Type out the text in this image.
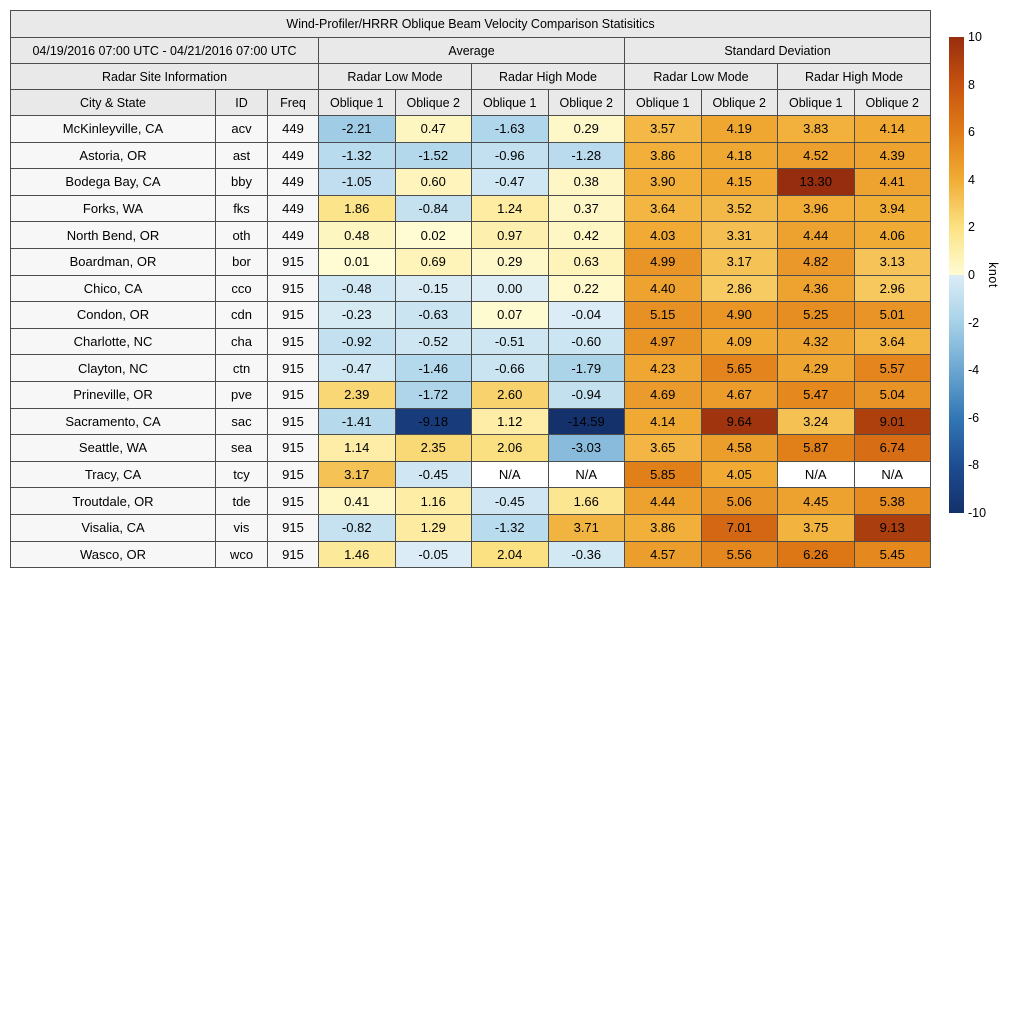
Wind-Profiler/HRRR Oblique Beam Velocity Comparison Statisitics										
04/19/2016 07:00 UTC - 04/21/2016 07:00 UTC			Average				Standard Deviation			
Radar Site Information			Radar Low Mode		Radar High Mode		Radar Low Mode		Radar High Mode	
City & State	ID	Freq	Oblique 1	Oblique 2	Oblique 1	Oblique 2	Oblique 1	Oblique 2	Oblique 1	Oblique 2
McKinleyville, CA	acv	449	-2.21	0.47	-1.63	0.29	3.57	4.19	3.83	4.14
Astoria, OR	ast	449	-1.32	-1.52	-0.96	-1.28	3.86	4.18	4.52	4.39
Bodega Bay, CA	bby	449	-1.05	0.60	-0.47	0.38	3.90	4.15	13.30	4.41
Forks, WA	fks	449	1.86	-0.84	1.24	0.37	3.64	3.52	3.96	3.94
North Bend, OR	oth	449	0.48	0.02	0.97	0.42	4.03	3.31	4.44	4.06
Boardman, OR	bor	915	0.01	0.69	0.29	0.63	4.99	3.17	4.82	3.13
Chico, CA	cco	915	-0.48	-0.15	0.00	0.22	4.40	2.86	4.36	2.96
Condon, OR	cdn	915	-0.23	-0.63	0.07	-0.04	5.15	4.90	5.25	5.01
Charlotte, NC	cha	915	-0.92	-0.52	-0.51	-0.60	4.97	4.09	4.32	3.64
Clayton, NC	ctn	915	-0.47	-1.46	-0.66	-1.79	4.23	5.65	4.29	5.57
Prineville, OR	pve	915	2.39	-1.72	2.60	-0.94	4.69	4.67	5.47	5.04
Sacramento, CA	sac	915	-1.41	-9.18	1.12	-14.59	4.14	9.64	3.24	9.01
Seattle, WA	sea	915	1.14	2.35	2.06	-3.03	3.65	4.58	5.87	6.74
Tracy, CA	tcy	915	3.17	-0.45	N/A	N/A	5.85	4.05	N/A	N/A
Troutdale, OR	tde	915	0.41	1.16	-0.45	1.66	4.44	5.06	4.45	5.38
Visalia, CA	vis	915	-0.82	1.29	-1.32	3.71	3.86	7.01	3.75	9.13
Wasco, OR	wco	915	1.46	-0.05	2.04	-0.36	4.57	5.56	6.26	5.45
10
8
6
4
2
0
-2
-4
-6
-8
-10
knot
